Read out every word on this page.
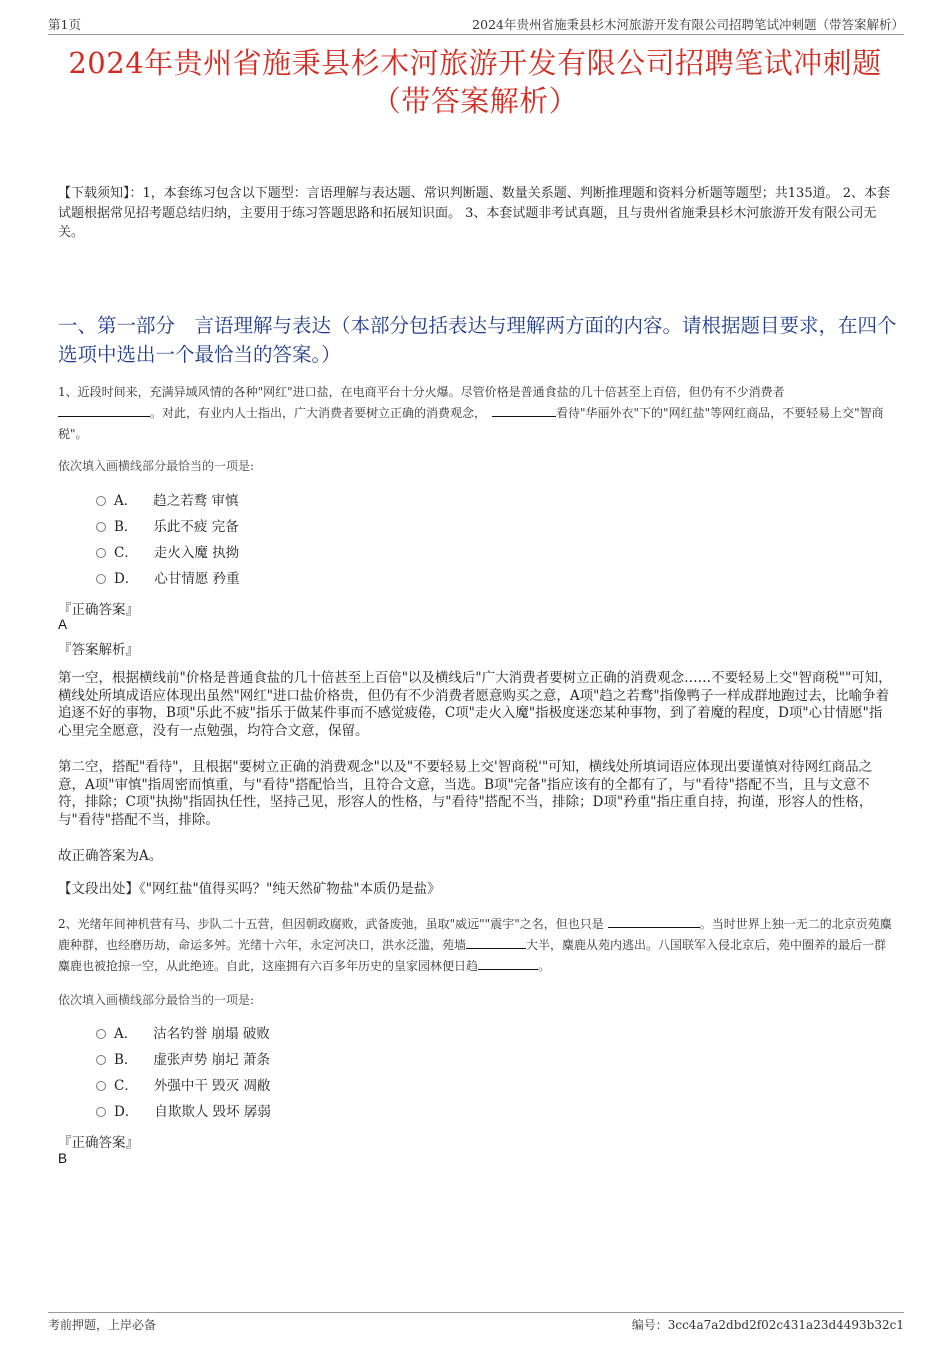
第1页	2024年贵州省施秉县杉木河旅游开发有限公司招聘笔试冲刺题（带答案解析）
2024年贵州省施秉县杉木河旅游开发有限公司招聘笔试冲刺题
（带答案解析）
【下载须知】：1，本套练习包含以下题型：言语理解与表达题、常识判断题、数量关系题、判断推理题和资料分析题等题型；共135道。 2、本套试题根据常见招考题总结归纳，主要用于练习答题思路和拓展知识面。 3、本套试题非考试真题，且与贵州省施秉县杉木河旅游开发有限公司无关。
一、第一部分　言语理解与表达（本部分包括表达与理解两方面的内容。请根据题目要求，在四个选项中选出一个最恰当的答案。）
1、近段时间来，充满异域风情的各种"网红"进口盐，在电商平台十分火爆。尽管价格是普通食盐的几十倍甚至上百倍，但仍有不少消费者
。对此，有业内人士指出，广大消费者要树立正确的消费观念，	看待"华丽外衣"下的"网红盐"等网红商品，不要轻易上交"智商税"。
依次填入画横线部分最恰当的一项是:
A． 趋之若鹜 审慎
B． 乐此不疲 完备
C． 走火入魔 执拗
D． 心甘情愿 矜重
『正确答案』
A
『答案解析』
第一空，根据横线前"价格是普通食盐的几十倍甚至上百倍"以及横线后"广大消费者要树立正确的消费观念……不要轻易上交"智商税""可知，横线处所填成语应体现出虽然"网红"进口盐价格贵，但仍有不少消费者愿意购买之意，A项"趋之若鹜"指像鸭子一样成群地跑过去，比喻争着追逐不好的事物，B项"乐此不疲"指乐于做某件事而不感觉疲倦，C项"走火入魔"指极度迷恋某种事物，到了着魔的程度，D项"心甘情愿"指心里完全愿意，没有一点勉强，均符合文意，保留。
第二空，搭配"看待"，且根据"要树立正确的消费观念"以及"不要轻易上交'智商税'"可知，横线处所填词语应体现出要谨慎对待网红商品之意，A项"审慎"指周密而慎重，与"看待"搭配恰当，且符合文意，当选。B项"完备"指应该有的全都有了，与"看待"搭配不当，且与文意不符，排除；C项"执拗"指固执任性，坚持己见，形容人的性格，与"看待"搭配不当，排除；D项"矜重"指庄重自持，拘谨，形容人的性格，与"看待"搭配不当，排除。
故正确答案为A。
【文段出处】《"网红盐"值得买吗？"纯天然矿物盐"本质仍是盐》
2、光绪年间神机营有马、步队二十五营，但因朝政腐败，武备废弛，虽取"威远""震宇"之名，但也只是	。当时世界上独一无二的北京贡苑麋鹿种群，也经磨历劫，命运多舛。光绪十六年，永定河决口，洪水泛滥，苑墙	大半，麋鹿从苑内逃出。八国联军入侵北京后，苑中圈养的最后一群麋鹿也被抢掠一空，从此绝迹。自此，这座拥有六百多年历史的皇家园林便日趋	。
依次填入画横线部分最恰当的一项是:
A． 沽名钓誉 崩塌 破败
B． 虚张声势 崩圮 萧条
C． 外强中干 毁灭 凋敝
D． 自欺欺人 毁坏 孱弱
『正确答案』
B
考前押题，上岸必备	编号：3cc4a7a2dbd2f02c431a23d4493b32c1
